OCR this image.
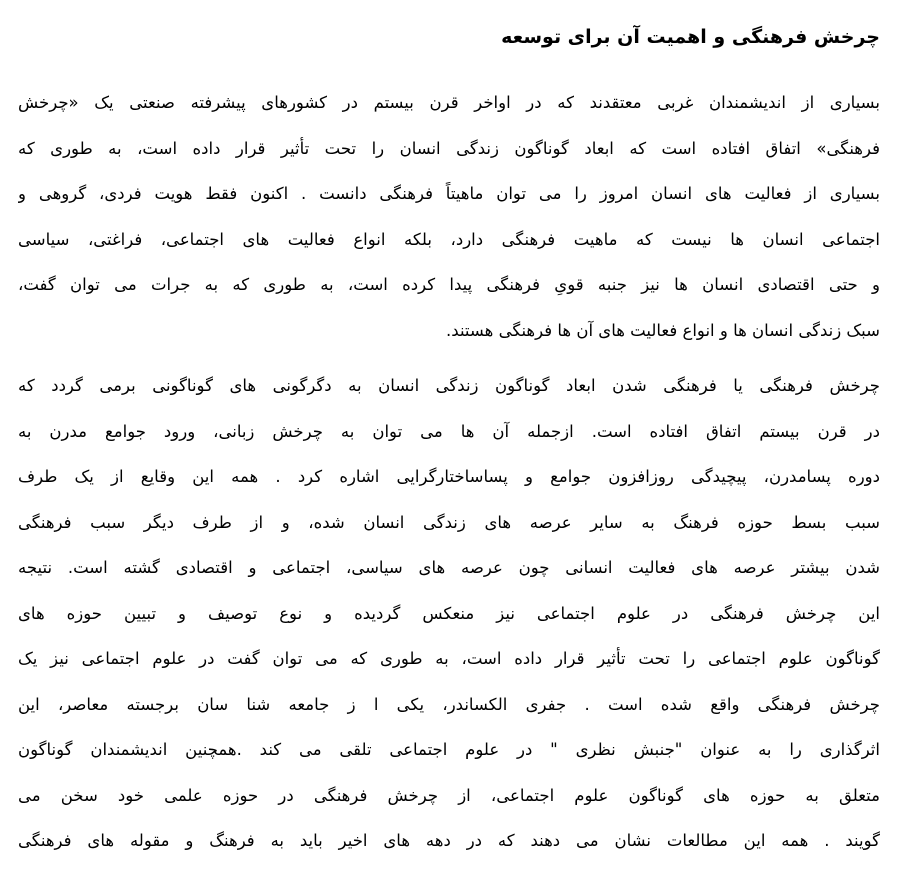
چرخش فرهنگی و اهمیت آن برای توسعه
بسیاری از اندیشمندان غربی معتقدند که در اواخر قرن بیستم در کشورهای پیشرفته صنعتی یک «چرخش
فرهنگی» اتفاق افتاده است که ابعاد گوناگون زندگی انسان را تحت تأثیر قرار داده است، به طوری که
بسیاری از فعالیت های انسان امروز را می توان ماهیتاً فرهنگی دانست . اکنون فقط هویت فردی، گروهی و
اجتماعی انسان ها نیست که ماهیت فرهنگی دارد، بلکه انواع فعالیت های اجتماعی، فراغتی، سیاسی
و حتی اقتصادی انسان ها نیز جنبه قویِ فرهنگی پیدا کرده است، به طوری که به جرات می توان گفت،
سبک زندگی انسان ها و انواع فعالیت های آن ها فرهنگی هستند.
چرخش فرهنگی یا فرهنگی شدن ابعاد گوناگون زندگی انسان به دگرگونی های گوناگونی برمی گردد که
در قرن بیستم اتفاق افتاده است. ازجمله آن ها می توان به چرخش زبانی، ورود جوامع مدرن به
دوره پسامدرن، پیچیدگی روزافزون جوامع و پساساختارگرایی اشاره کرد . همه این وقایع از یک طرف
سبب بسط حوزه فرهنگ به سایر عرصه های زندگی انسان شده، و از طرف دیگر سبب فرهنگی
شدن بیشتر عرصه های فعالیت انسانی چون عرصه های سیاسی، اجتماعی و اقتصادی گشته است. نتیجه
این چرخش فرهنگی در علوم اجتماعی نیز منعکس گردیده و نوع توصیف و تبیین حوزه های
گوناگون علوم اجتماعی را تحت تأثیر قرار داده است، به طوری که می توان گفت در علوم اجتماعی نیز یک
چرخش فرهنگی واقع شده است . جفری الکساندر، یکی ا ز جامعه شنا سان برجسته معاصر، این
اثرگذاری را به عنوان "جنبش نظری " در علوم اجتماعی تلقی می کند .همچنین اندیشمندان گوناگون
متعلق به حوزه های گوناگون علوم اجتماعی، از چرخش فرهنگی در حوزه علمی خود سخن می
گویند . همه این مطالعات نشان می دهند که در دهه های اخیر باید به فرهنگ و مقوله های فرهنگی
